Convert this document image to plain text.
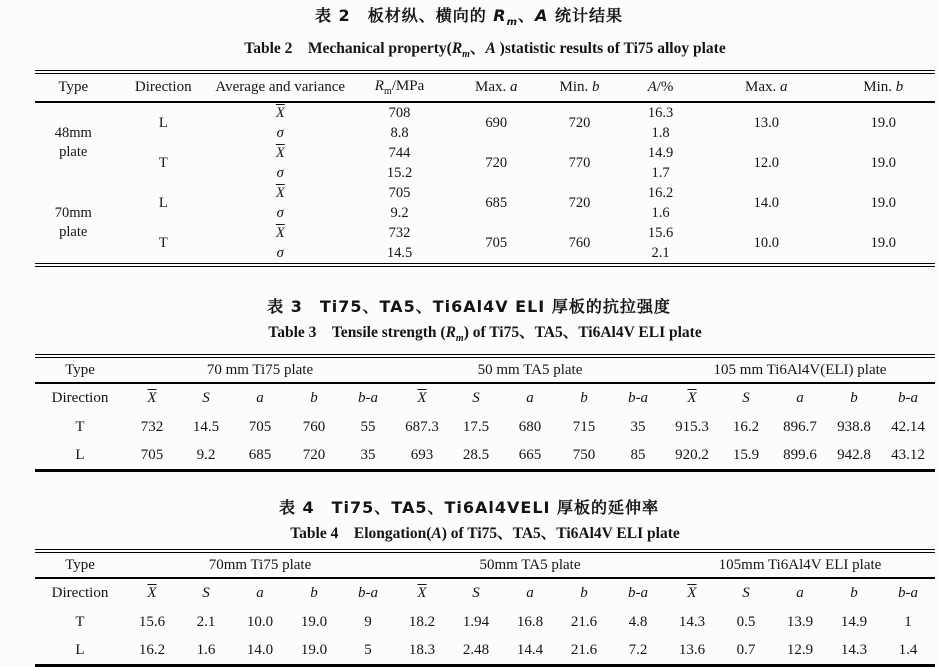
表 2　板材纵、横向的 $R_m$、A 统计结果
Table 2　Mechanical $property(R_m$、A )statistic results of Ti75 alloy plate
Type	Direction	Average and variance	$R_m$/MPa	Max. a	Min. b	A/%	Max. a	Min. b

48mm
plate	L	$\overline{X}$	708	690	720	16.3	13.0	19.0
		σ	8.8			1.8		
	T	$\overline{X}$	744	720	770	14.9	12.0	19.0
		σ	15.2			1.7		

70mm
plate	L	$\overline{X}$	705	685	720	16.2	14.0	19.0
		σ	9.2			1.6		
	T	$\overline{X}$	732	705	760	15.6	10.0	19.0
		σ	14.5			2.1		
表 3　Ti75、TA5、Ti6Al4V ELI 厚板的抗拉强度
Table 3　Tensile strength $(R_m)$ of Ti75、TA5、Ti6Al4V ELI plate
Type	70 mm Ti75 plate					50 mm TA5 plate					105 mm Ti6Al4V(ELI) plate				
Direction	$\overline{X}$	S	a	b	b-a	$\overline{X}$	S	a	b	b-a	$\overline{X}$	S	a	b	b-a
T	732	14.5	705	760	55	687.3	17.5	680	715	35	915.3	16.2	896.7	938.8	42.14
L	705	9.2	685	720	35	693	28.5	665	750	85	920.2	15.9	899.6	942.8	43.12
表 4　Ti75、TA5、Ti6Al4VELI 厚板的延伸率
Table 4　Elongation(A) of Ti75、TA5、Ti6Al4V ELI plate
Type	70mm Ti75 plate					50mm TA5 plate					105mm Ti6Al4V ELI plate				
Direction	$\overline{X}$	S	a	b	b-a	$\overline{X}$	S	a	b	b-a	$\overline{X}$	S	a	b	b-a
T	15.6	2.1	10.0	19.0	9	18.2	1.94	16.8	21.6	4.8	14.3	0.5	13.9	14.9	1
L	16.2	1.6	14.0	19.0	5	18.3	2.48	14.4	21.6	7.2	13.6	0.7	12.9	14.3	1.4
